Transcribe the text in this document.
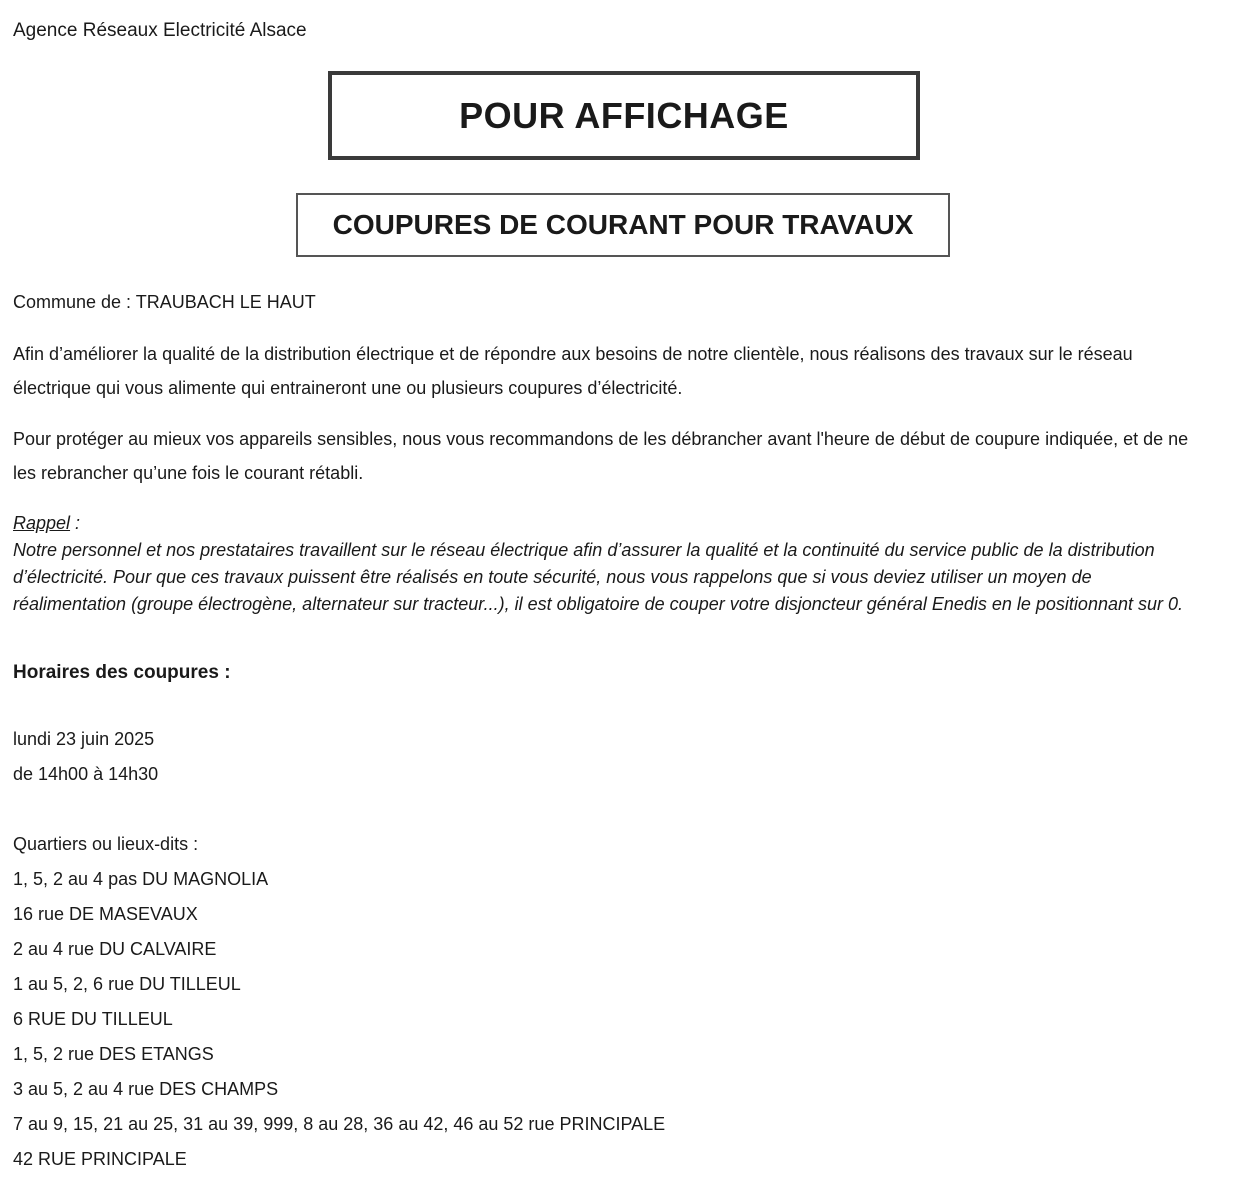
Agence Réseaux Electricité Alsace
POUR AFFICHAGE
COUPURES DE COURANT POUR TRAVAUX
Commune de : TRAUBACH LE HAUT
Afin d’améliorer la qualité de la distribution électrique et de répondre aux besoins de notre clientèle, nous réalisons des travaux sur le réseau électrique qui vous alimente qui entraineront une ou plusieurs coupures d’électricité.
Pour protéger au mieux vos appareils sensibles, nous vous recommandons de les débrancher avant l'heure de début de coupure indiquée, et de ne les rebrancher qu’une fois le courant rétabli.
Rappel :
Notre personnel et nos prestataires travaillent sur le réseau électrique afin d’assurer la qualité et la continuité du service public de la distribution d’électricité. Pour que ces travaux puissent être réalisés en toute sécurité, nous vous rappelons que si vous deviez utiliser un moyen de réalimentation (groupe électrogène, alternateur sur tracteur...), il est obligatoire de couper votre disjoncteur général Enedis en le positionnant sur 0.
Horaires des coupures :
lundi 23 juin 2025
de 14h00 à 14h30
Quartiers ou lieux-dits :
1, 5, 2 au 4 pas DU MAGNOLIA
16 rue DE MASEVAUX
2 au 4 rue DU CALVAIRE
1 au 5, 2, 6 rue DU TILLEUL
6 RUE DU TILLEUL
1, 5, 2 rue DES ETANGS
3 au 5, 2 au 4 rue DES CHAMPS
7 au 9, 15, 21 au 25, 31 au 39, 999, 8 au 28, 36 au 42, 46 au 52 rue PRINCIPALE
42 RUE PRINCIPALE
